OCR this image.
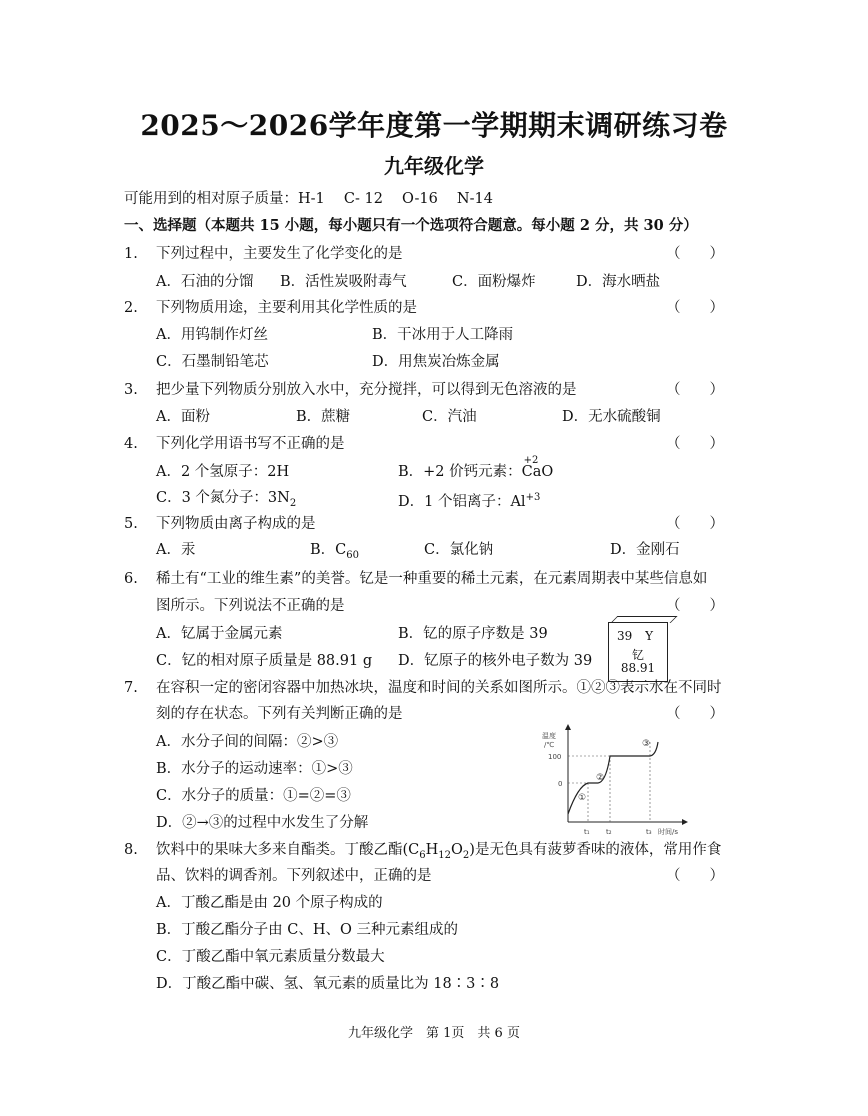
2025～2026学年度第一学期期末调研练习卷
九年级化学
可能用到的相对原子质量：H-1　 C- 12　 O-16　 N-14
一、选择题（本题共 15 小题，每小题只有一个选项符合题意。每小题 2 分，共 30 分）
1. 下列过程中，主要发生了化学变化的是	（　　）
A．石油的分馏 B．活性炭吸附毒气	C．面粉爆炸	D．海水晒盐
2. 下列物质用途，主要利用其化学性质的是	（　　）
A．用钨制作灯丝	B．干冰用于人工降雨
C．石墨制铅笔芯	D．用焦炭冶炼金属
3. 把少量下列物质分别放入水中，充分搅拌，可以得到无色溶液的是	（　　）
A．面粉	B．蔗糖	C．汽油	D．无水硫酸铜
4. 下列化学用语书写不正确的是	（　　）
A．2 个氢原子：2H	B．+2 价钙元素：
+2
CaO
C．3 个氮分子：$3N_2$	D．1 个铝离子：$Al^{+3}$
5. 下列物质由离子构成的是	（　　）
A．汞	B．$C_{60}$	C．氯化钠	D．金刚石
6. 稀土有“工业的维生素”的美誉。钇是一种重要的稀土元素，在元素周期表中某些信息如
图所示。下列说法不正确的是	（　　）
A．钇属于金属元素	B．钇的原子序数是 39
C．钇的相对原子质量是 88.91 g D．钇原子的核外电子数为 39
39 Y
钇
88.91
7. 在容积一定的密闭容器中加热冰块，温度和时间的关系如图所示。①②③表示水在不同时
刻的存在状态。下列有关判断正确的是	（　　）
A．水分子间的间隔：②>③
B．水分子的运动速率：①>③
C．水分子的质量：①=②=③
D．②→③的过程中水发生了分解
温度
/℃
100
0
t₁ t₂	t₃ 时间/s
①
②
③
8. 饮料中的果味大多来自酯类。丁酸乙酯$(C_6H_{12}O_2)$是无色具有菠萝香味的液体，常用作食
品、饮料的调香剂。下列叙述中，正确的是	（　　）
A．丁酸乙酯是由 20 个原子构成的
B．丁酸乙酯分子由 C、H、O 三种元素组成的
C．丁酸乙酯中氧元素质量分数最大
D．丁酸乙酯中碳、氢、氧元素的质量比为 18∶3∶8
九年级化学　第 1页　共 6 页
